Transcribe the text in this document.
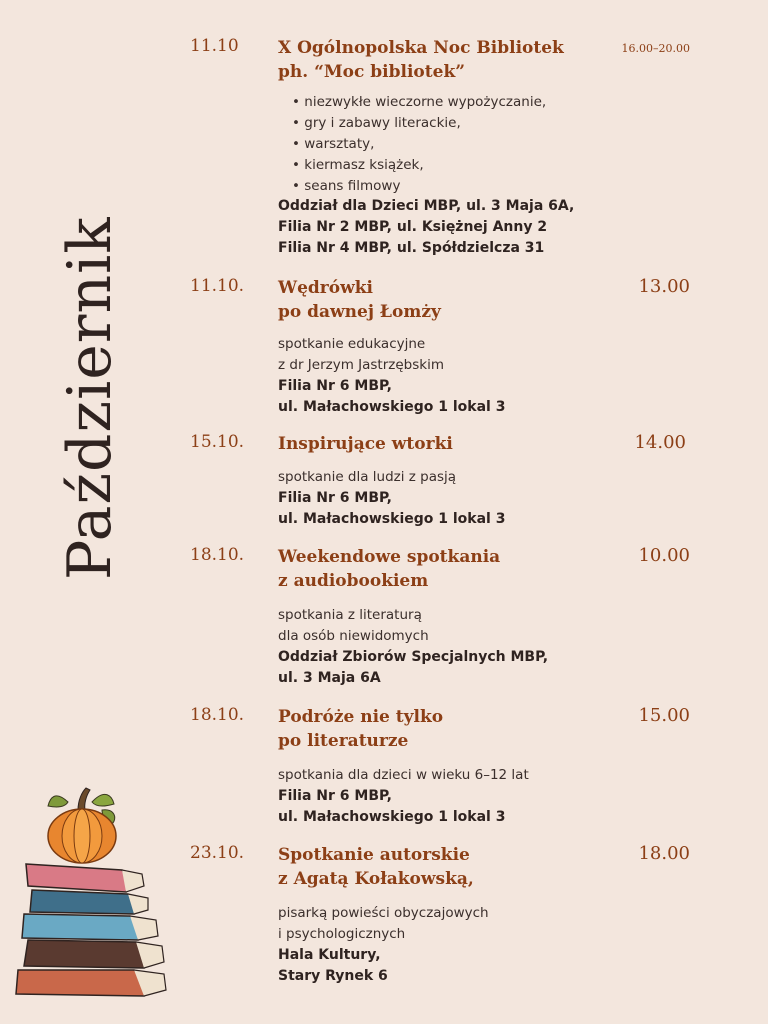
Październik
11.10 X Ogólnopolska Noc Bibliotek
ph. “Moc bibliotek”
16.00–20.00
• niezwykłe wieczorne wypożyczanie,
• gry i zabawy literackie,
• warsztaty,
• kiermasz książek,
• seans filmowy
Oddział dla Dzieci MBP, ul. 3 Maja 6A,
Filia Nr 2 MBP, ul. Księżnej Anny 2
Filia Nr 4 MBP, ul. Spółdzielcza 31
11.10. Wędrówki
po dawnej Łomży
13.00
spotkanie edukacyjne
z dr Jerzym Jastrzębskim
Filia Nr 6 MBP,
ul. Małachowskiego 1 lokal 3
15.10. Inspirujące wtorki	14.00
spotkanie dla ludzi z pasją
Filia Nr 6 MBP,
ul. Małachowskiego 1 lokal 3
18.10. Weekendowe spotkania
z audiobookiem
10.00
spotkania z literaturą
dla osób niewidomych
Oddział Zbiorów Specjalnych MBP,
ul. 3 Maja 6A
18.10. Podróże nie tylko
po literaturze
15.00
spotkania dla dzieci w wieku 6–12 lat
Filia Nr 6 MBP,
ul. Małachowskiego 1 lokal 3
23.10. Spotkanie autorskie
z Agatą Kołakowską,
18.00
pisarką powieści obyczajowych
i psychologicznych
Hala Kultury,
Stary Rynek 6
